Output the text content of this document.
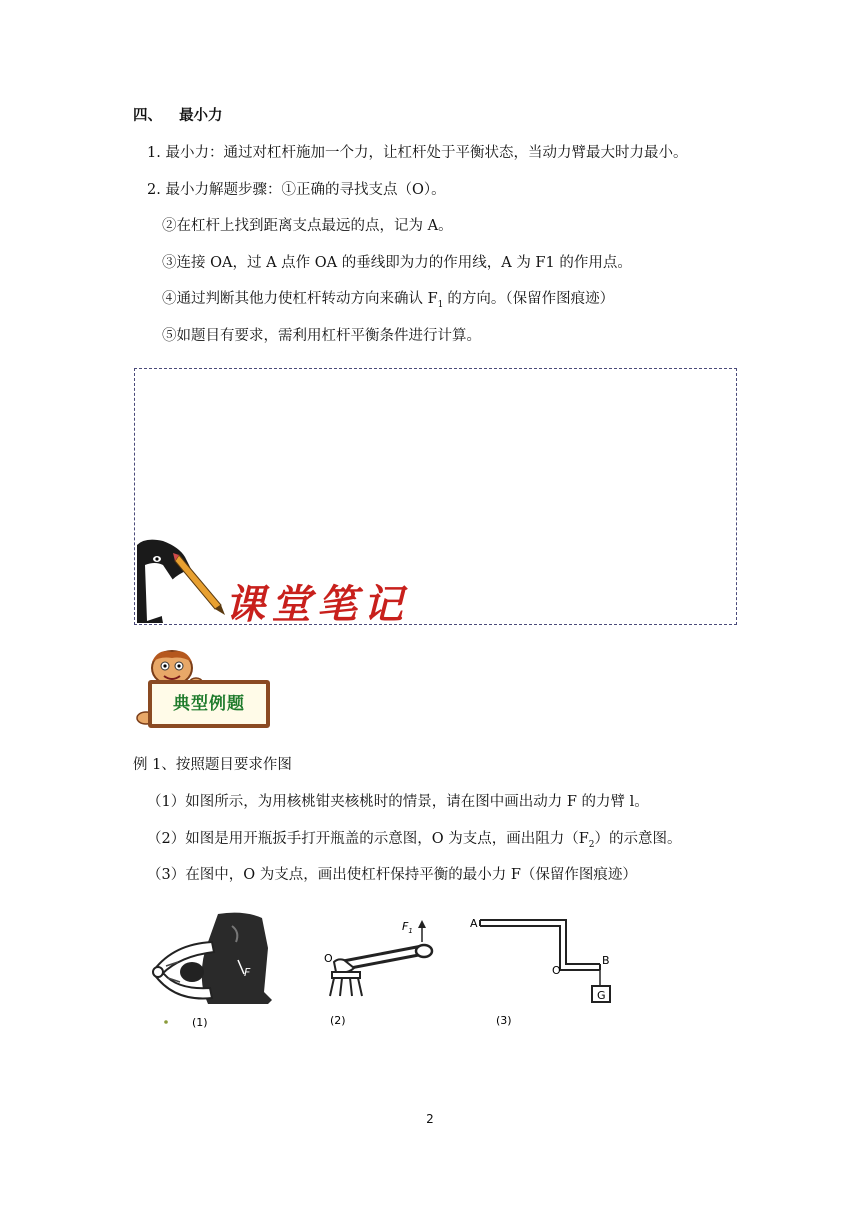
四、 最小力
1. 最小力：通过对杠杆施加一个力，让杠杆处于平衡状态，当动力臂最大时力最小。
2. 最小力解题步骤：①正确的寻找支点（O）。
②在杠杆上找到距离支点最远的点，记为 A。
③连接 OA，过 A 点作 OA 的垂线即为力的作用线，A 为 F1 的作用点。
④通过判断其他力使杠杆转动方向来确认 $F_1$ 的方向。（保留作图痕迹）
⑤如题目有要求，需利用杠杆平衡条件进行计算。
课堂笔记
典型例题
例 1、按照题目要求作图
（1）如图所示，为用核桃钳夹核桃时的情景，请在图中画出动力 F 的力臂 l。
（2）如图是用开瓶扳手打开瓶盖的示意图，O 为支点，画出阻力$(F_2)$的示意图。
（3）在图中，O 为支点，画出使杠杆保持平衡的最小力 F（保留作图痕迹）
F
(1)
$F_1$
O
(2)
G
A
O
B
(3)
2
